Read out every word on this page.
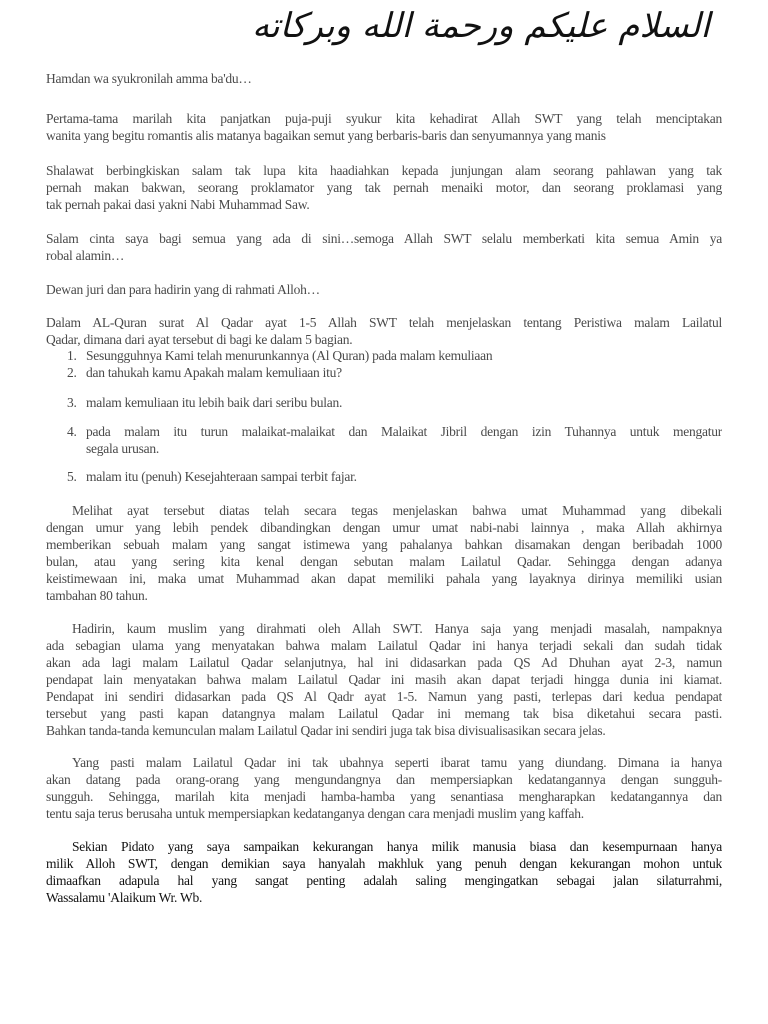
السلام عليكم ورحمة الله وبركاته
Hamdan wa syukronilah amma ba'du…
Pertama-tama marilah kita panjatkan puja-puji syukur kita kehadirat Allah SWT yang telah menciptakan
wanita yang begitu romantis alis matanya bagaikan semut yang berbaris-baris dan senyumannya yang manis
Shalawat berbingkiskan salam tak lupa kita haadiahkan kepada junjungan alam seorang pahlawan yang tak
pernah makan bakwan, seorang proklamator yang tak pernah menaiki motor, dan seorang proklamasi yang
tak pernah pakai dasi yakni Nabi Muhammad Saw.
Salam cinta saya bagi semua yang ada di sini…semoga Allah SWT selalu memberkati kita semua Amin ya
robal alamin…
Dewan juri dan para hadirin yang di rahmati Alloh…
Dalam AL-Quran surat Al Qadar ayat 1-5 Allah SWT telah menjelaskan tentang Peristiwa malam Lailatul
Qadar, dimana dari ayat tersebut di bagi ke dalam 5 bagian.
Melihat ayat tersebut diatas telah secara tegas menjelaskan bahwa umat Muhammad yang dibekali
dengan umur yang lebih pendek dibandingkan dengan umur umat nabi-nabi lainnya , maka Allah akhirnya
memberikan sebuah malam yang sangat istimewa yang pahalanya bahkan disamakan dengan beribadah 1000
bulan, atau yang sering kita kenal dengan sebutan malam Lailatul Qadar. Sehingga dengan adanya
keistimewaan ini, maka umat Muhammad akan dapat memiliki pahala yang layaknya dirinya memiliki usian
tambahan 80 tahun.
Hadirin, kaum muslim yang dirahmati oleh Allah SWT. Hanya saja yang menjadi masalah, nampaknya
ada sebagian ulama yang menyatakan bahwa malam Lailatul Qadar ini hanya terjadi sekali dan sudah tidak
akan ada lagi malam Lailatul Qadar selanjutnya, hal ini didasarkan pada QS Ad Dhuhan ayat 2-3, namun
pendapat lain menyatakan bahwa malam Lailatul Qadar ini masih akan dapat terjadi hingga dunia ini kiamat.
Pendapat ini sendiri didasarkan pada QS Al Qadr ayat 1-5. Namun yang pasti, terlepas dari kedua pendapat
tersebut yang pasti kapan datangnya malam Lailatul Qadar ini memang tak bisa diketahui secara pasti.
Bahkan tanda-tanda kemunculan malam Lailatul Qadar ini sendiri juga tak bisa divisualisasikan secara jelas.
Yang pasti malam Lailatul Qadar ini tak ubahnya seperti ibarat tamu yang diundang. Dimana ia hanya
akan datang pada orang-orang yang mengundangnya dan mempersiapkan kedatangannya dengan sungguh-
sungguh. Sehingga, marilah kita menjadi hamba-hamba yang senantiasa mengharapkan kedatangannya dan
tentu saja terus berusaha untuk mempersiapkan kedatanganya dengan cara menjadi muslim yang kaffah.
Sekian Pidato yang saya sampaikan kekurangan hanya milik manusia biasa dan kesempurnaan hanya
milik Alloh SWT, dengan demikian saya hanyalah makhluk yang penuh dengan kekurangan mohon untuk
dimaafkan adapula hal yang sangat penting adalah saling mengingatkan sebagai jalan silaturrahmi,
Wassalamu 'Alaikum Wr. Wb.
1. Sesungguhnya Kami telah menurunkannya (Al Quran) pada malam kemuliaan
2. dan tahukah kamu Apakah malam kemuliaan itu?
3. malam kemuliaan itu lebih baik dari seribu bulan.
4. pada malam itu turun malaikat-malaikat dan Malaikat Jibril dengan izin Tuhannya untuk mengatur
segala urusan.
5. malam itu (penuh) Kesejahteraan sampai terbit fajar.
